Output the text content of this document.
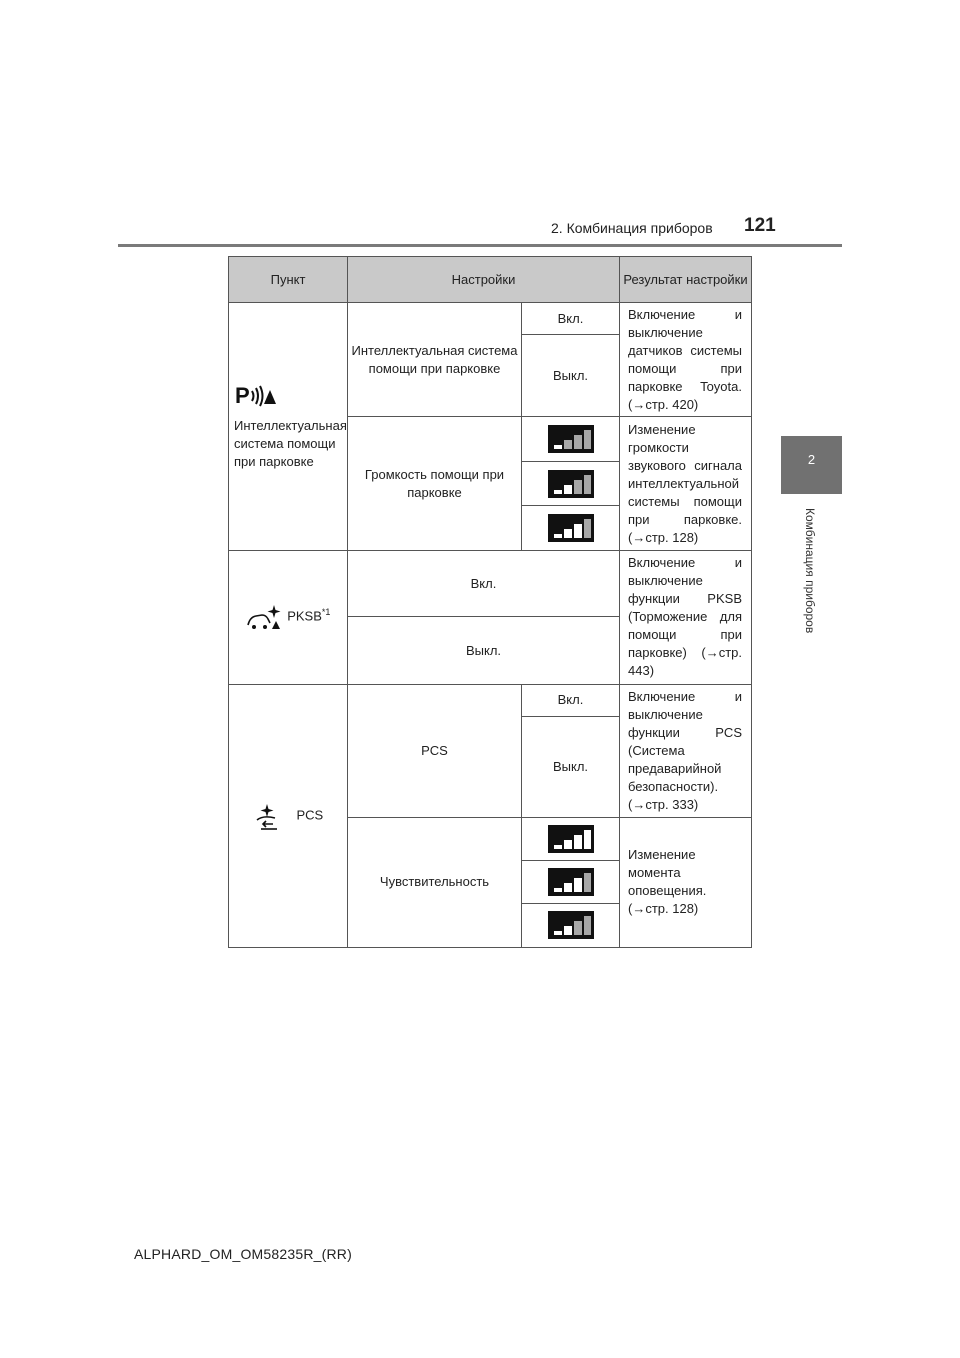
2. Комбинация приборов 121
2
Комбинация приборов
Пункт	Настройки		Результат настройки

P
Интеллектуальная система помощи при парковке	Интеллектуальная система помощи при парковке	Вкл.	Включение и выключение датчиков системы помощи при парковке Toyota. (→стр. 420)
		Выкл.	
	Громкость помощи при парковке		Изменение громкости звукового сигнала интеллектуальной системы помощи при парковке. (→стр. 128)

PKSB$^{*1}$	Вкл.		Включение и выключение функции PKSB (Торможение для помощи при парковке) (→стр. 443)
	Выкл.		
PCS	PCS	Вкл.	Включение и выключение функции PCS (Система предаварийной безопасности). (→стр. 333)
		Выкл.	
	Чувствительность		Изменение момента оповещения. (→стр. 128)

ALPHARD_OM_OM58235R_(RR)
